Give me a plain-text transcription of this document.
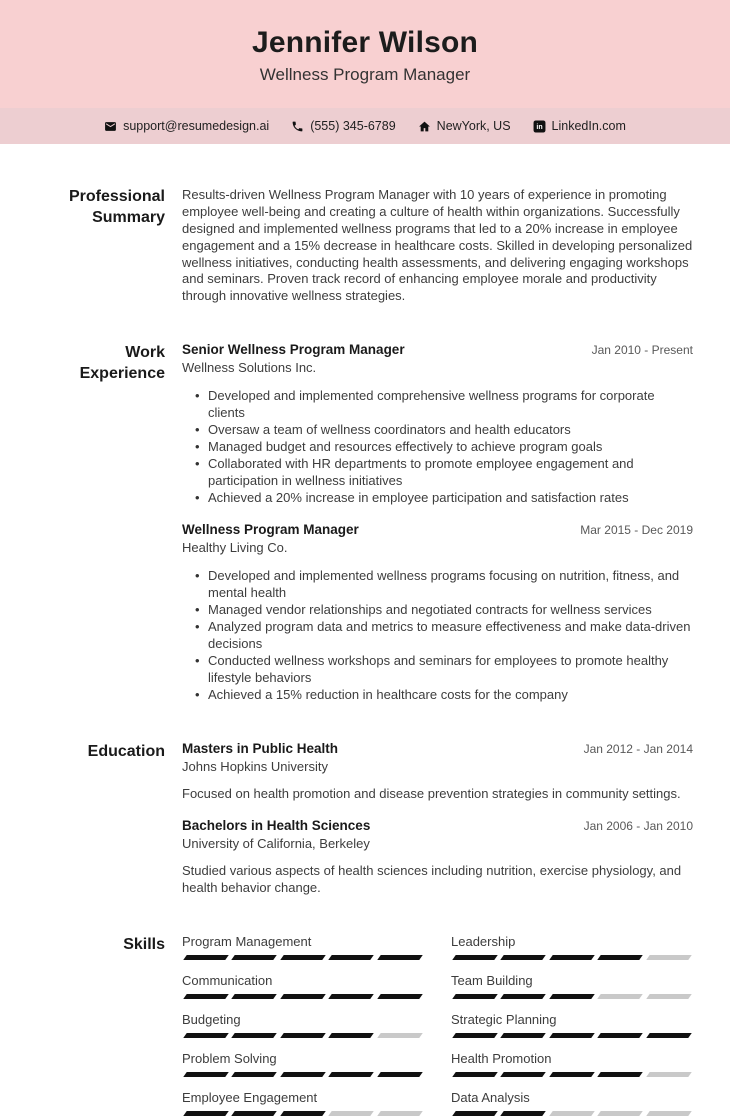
Jennifer Wilson
Wellness Program Manager
support@resumedesign.ai	(555) 345-6789	NewYork, US in LinkedIn.com
Professional Summary
Results-driven Wellness Program Manager with 10 years of experience in promoting employee well-being and creating a culture of health within organizations. Successfully designed and implemented wellness programs that led to a 20% increase in employee engagement and a 15% decrease in healthcare costs. Skilled in developing personalized wellness initiatives, conducting health assessments, and delivering engaging workshops and seminars. Proven track record of enhancing employee morale and productivity through innovative wellness strategies.
Work Experience
Senior Wellness Program Manager	Jan 2010 - Present
Wellness Solutions Inc.
• Developed and implemented comprehensive wellness programs for corporate clients
• Oversaw a team of wellness coordinators and health educators
• Managed budget and resources effectively to achieve program goals
• Collaborated with HR departments to promote employee engagement and participation in wellness initiatives
• Achieved a 20% increase in employee participation and satisfaction rates
Wellness Program Manager	Mar 2015 - Dec 2019
Healthy Living Co.
• Developed and implemented wellness programs focusing on nutrition, fitness, and mental health
• Managed vendor relationships and negotiated contracts for wellness services
• Analyzed program data and metrics to measure effectiveness and make data-driven decisions
• Conducted wellness workshops and seminars for employees to promote healthy lifestyle behaviors
• Achieved a 15% reduction in healthcare costs for the company
Education Masters in Public Health	Jan 2012 - Jan 2014
Johns Hopkins University
Focused on health promotion and disease prevention strategies in community settings.
Bachelors in Health Sciences	Jan 2006 - Jan 2010
University of California, Berkeley
Studied various aspects of health sciences including nutrition, exercise physiology, and health behavior change.
Skills Program Management	Leadership
Communication	Team Building
Budgeting	Strategic Planning
Problem Solving	Health Promotion
Employee Engagement	Data Analysis
